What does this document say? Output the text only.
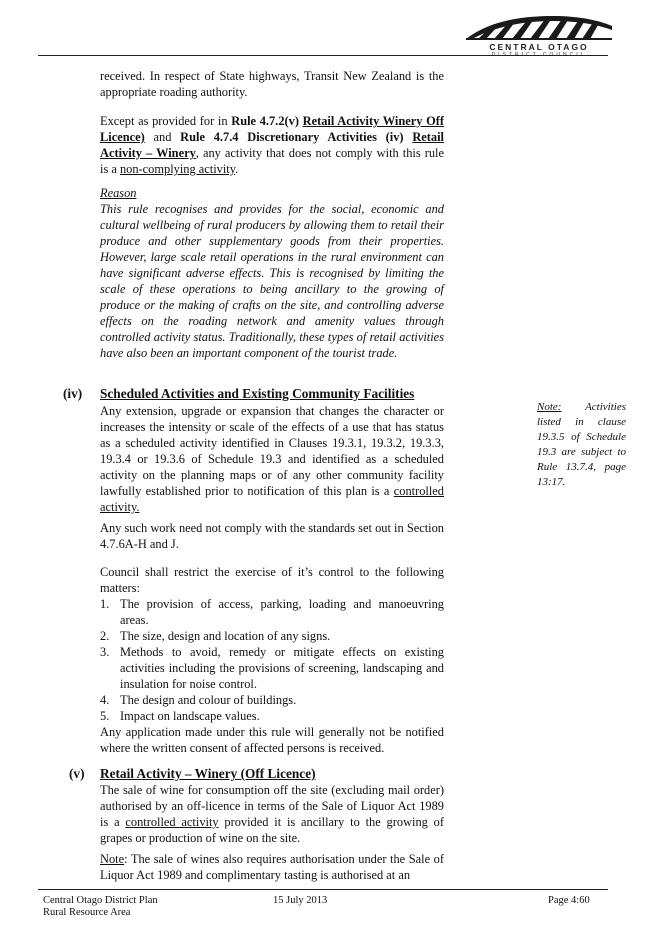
CENTRAL OTAGO
DISTRICT COUNCIL

received. In respect of State highways, Transit New Zealand is the appropriate roading authority.

Except as provided for in Rule 4.7.2(v) Retail Activity Winery Off Licence) and Rule 4.7.4 Discretionary Activities (iv) Retail Activity – Winery, any activity that does not comply with this rule is a non-complying activity.

Reason

This rule recognises and provides for the social, economic and cultural wellbeing of rural producers by allowing them to retail their produce and other supplementary goods from their properties. However, large scale retail operations in the rural environment can have significant adverse effects. This is recognised by limiting the scale of these operations to being ancillary to the growing of produce or the making of crafts on the site, and controlling adverse effects on the roading network and amenity values through controlled activity status. Traditionally, these types of retail activities have also been an important component of the tourist trade.

(iv) Scheduled Activities and Existing Community Facilities

Any extension, upgrade or expansion that changes the character or increases the intensity or scale of the effects of a use that has status as a scheduled activity identified in Clauses 19.3.1, 19.3.2, 19.3.3, 19.3.4 or 19.3.6 of Schedule 19.3 and identified as a scheduled activity on the planning maps or of any other community facility lawfully established prior to notification of this plan is a controlled activity.

Any such work need not comply with the standards set out in Section 4.7.6A-H and J.

Council shall restrict the exercise of it’s control to the following matters:

1. The provision of access, parking, loading and manoeuvring areas.
2. The size, design and location of any signs.
3. Methods to avoid, remedy or mitigate effects on existing activities including the provisions of screening, landscaping and insulation for noise control.
4. The design and colour of buildings.
5. Impact on landscape values.

Any application made under this rule will generally not be notified where the written consent of affected persons is received.

Note: Activities listed in clause 19.3.5 of Schedule 19.3 are subject to Rule 13.7.4, page 13:17.
(v) Retail Activity – Winery (Off Licence)

The sale of wine for consumption off the site (excluding mail order) authorised by an off-licence in terms of the Sale of Liquor Act 1989 is a controlled activity provided it is ancillary to the growing of grapes or production of wine on the site.

Note: The sale of wines also requires authorisation under the Sale of Liquor Act 1989 and complimentary tasting is authorised at an

Central Otago District Plan
Rural Resource Area
15 July 2013	Page 4:60
